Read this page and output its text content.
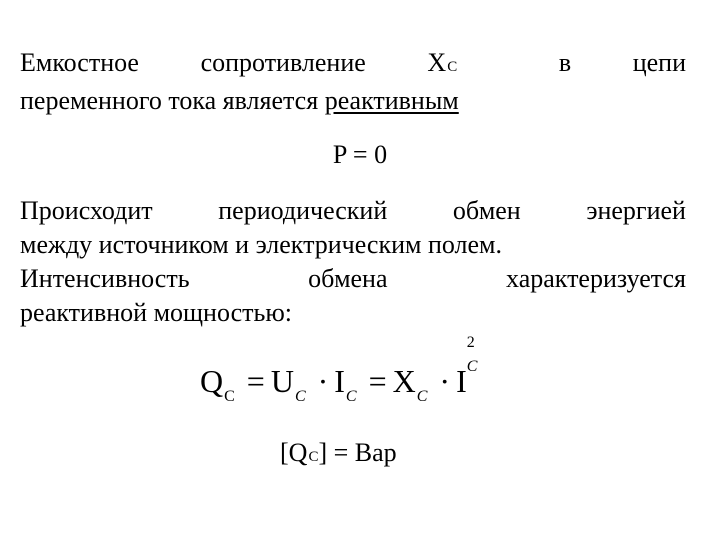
Емкостное сопротивление XC	в цепи
переменного тока является реактивным
P = 0
Происходит	периодический	обмен	энергией
между источником и электрическим полем.
Интенсивность	обмена	характеризуется
реактивной мощностью:
$Q_C = U_C \cdot I_C = X_C \cdot I$
2
C
[QC] = Вар
